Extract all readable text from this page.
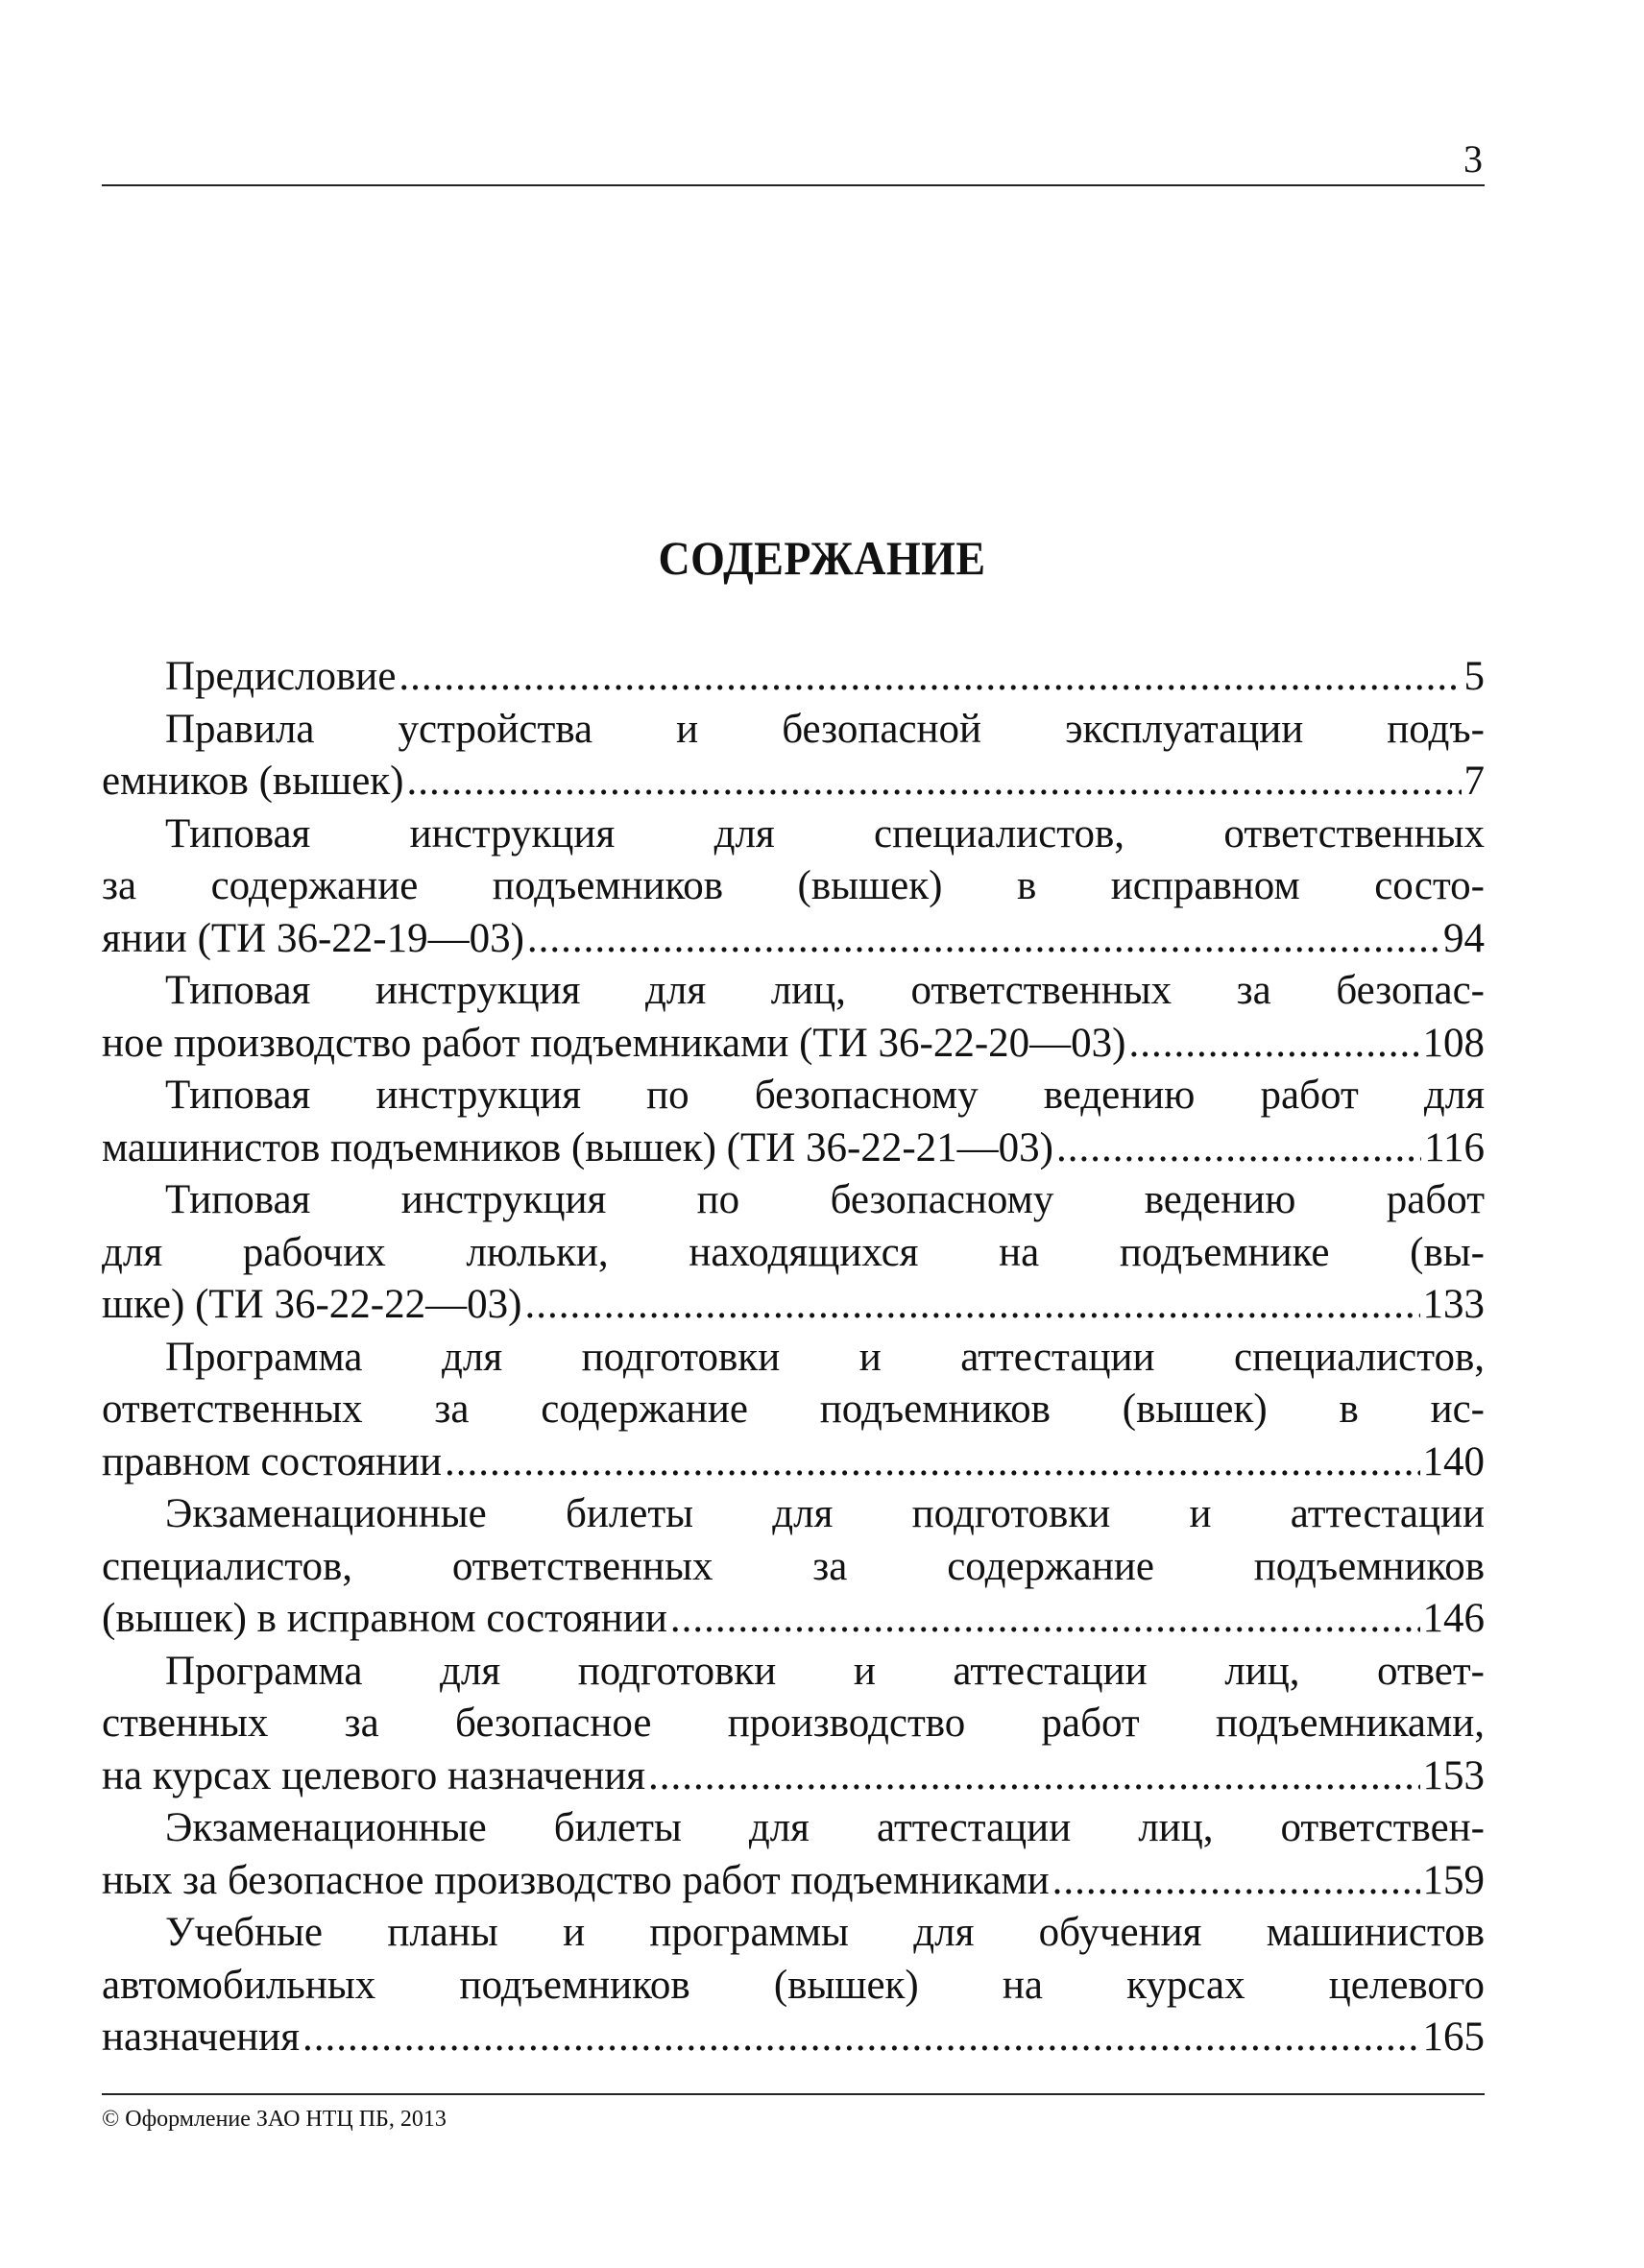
3
СОДЕРЖАНИЕ
Предисловие .....	5
Правила устройства и безопасной эксплуатации подъ-
емников (вышек) .....	7
Типовая инструкция для специалистов, ответственных
за содержание подъемников (вышек) в исправном состо-
янии (ТИ 36-22-19—03) .....	94
Типовая инструкция для лиц, ответственных за безопас-
ное производство работ подъемниками (ТИ 36-22-20—03) .....	108
Типовая инструкция по безопасному ведению работ для
машинистов подъемников (вышек) (ТИ 36-22-21—03) .....	116
Типовая инструкция по безопасному ведению работ
для рабочих люльки, находящихся на подъемнике (вы-
шке) (ТИ 36-22-22—03) .....	133
Программа для подготовки и аттестации специалистов,
ответственных за содержание подъемников (вышек) в ис-
правном состоянии .....	140
Экзаменационные билеты для подготовки и аттестации
специалистов, ответственных за содержание подъемников
(вышек) в исправном состоянии .....	146
Программа для подготовки и аттестации лиц, ответ-
ственных за безопасное производство работ подъемниками,
на курсах целевого назначения .....	153
Экзаменационные билеты для аттестации лиц, ответствен-
ных за безопасное производство работ подъемниками .....	159
Учебные планы и программы для обучения машинистов
автомобильных подъемников (вышек) на курсах целевого
назначения .....	165
© Оформление ЗАО НТЦ ПБ, 2013
